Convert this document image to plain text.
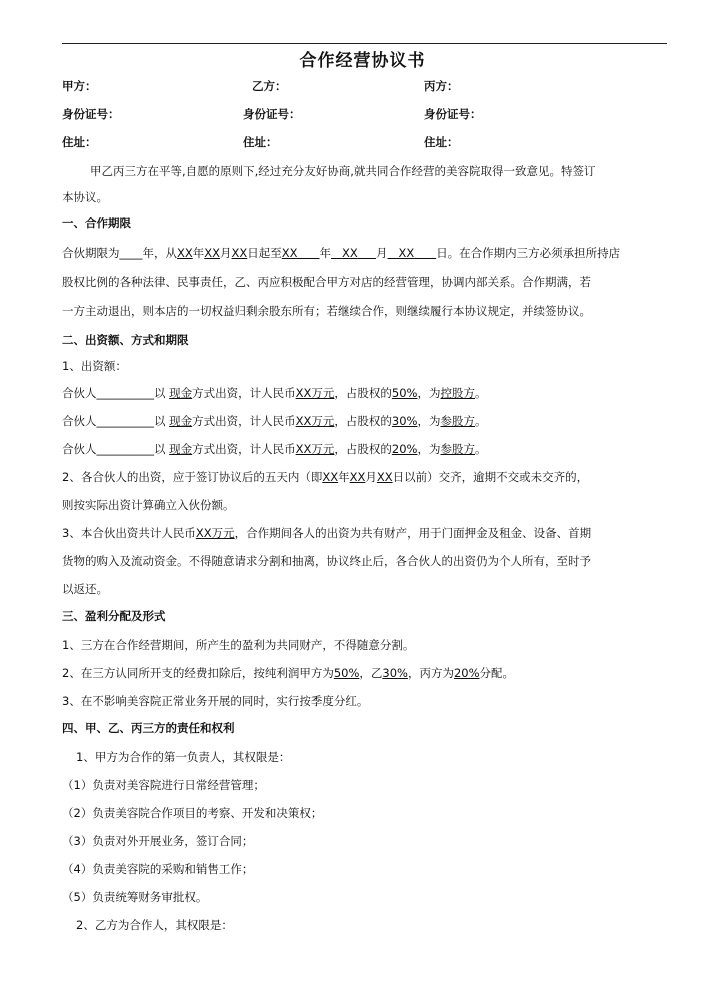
合作经营协议书
甲方：	乙方：	丙方：
身份证号：	身份证号：	身份证号：
住址：	住址：	住址：
甲乙丙三方在平等,自愿的原则下,经过充分友好协商,就共同合作经营的美容院取得一致意见。特签订
本协议。
一、合作期限
合伙期限为____年，从XX年XX月XX日起至XX 年 XX 月 XX 日。在合作期内三方必须承担所持店
股权比例的各种法律、民事责任，乙、丙应积极配合甲方对店的经营管理，协调内部关系。合作期满，若
一方主动退出，则本店的一切权益归剩余股东所有；若继续合作，则继续履行本协议规定，并续签协议。
二、出资额、方式和期限
1、出资额：
合伙人__________以 现金方式出资，计人民币XX万元，占股权的50%，为控股方。
合伙人__________以 现金方式出资，计人民币XX万元，占股权的30%，为参股方。
合伙人__________以 现金方式出资，计人民币XX万元，占股权的20%，为参股方。
2、各合伙人的出资，应于签订协议后的五天内（即XX年XX月XX日以前）交齐，逾期不交或未交齐的，
则按实际出资计算确立入伙份额。
3、本合伙出资共计人民币XX万元，合作期间各人的出资为共有财产，用于门面押金及租金、设备、首期
货物的购入及流动资金。不得随意请求分割和抽离，协议终止后，各合伙人的出资仍为个人所有，至时予
以返还。
三、盈利分配及形式
1、三方在合作经营期间，所产生的盈利为共同财产，不得随意分割。
2、在三方认同所开支的经费扣除后，按纯利润甲方为50%，乙30%，丙方为20%分配。
3、在不影响美容院正常业务开展的同时，实行按季度分红。
四、甲、乙、丙三方的责任和权利
1、甲方为合作的第一负责人，其权限是：
（1）负责对美容院进行日常经营管理；
（2）负责美容院合作项目的考察、开发和决策权；
（3）负责对外开展业务，签订合同；
（4）负责美容院的采购和销售工作；
（5）负责统筹财务审批权。
2、乙方为合作人，其权限是：
